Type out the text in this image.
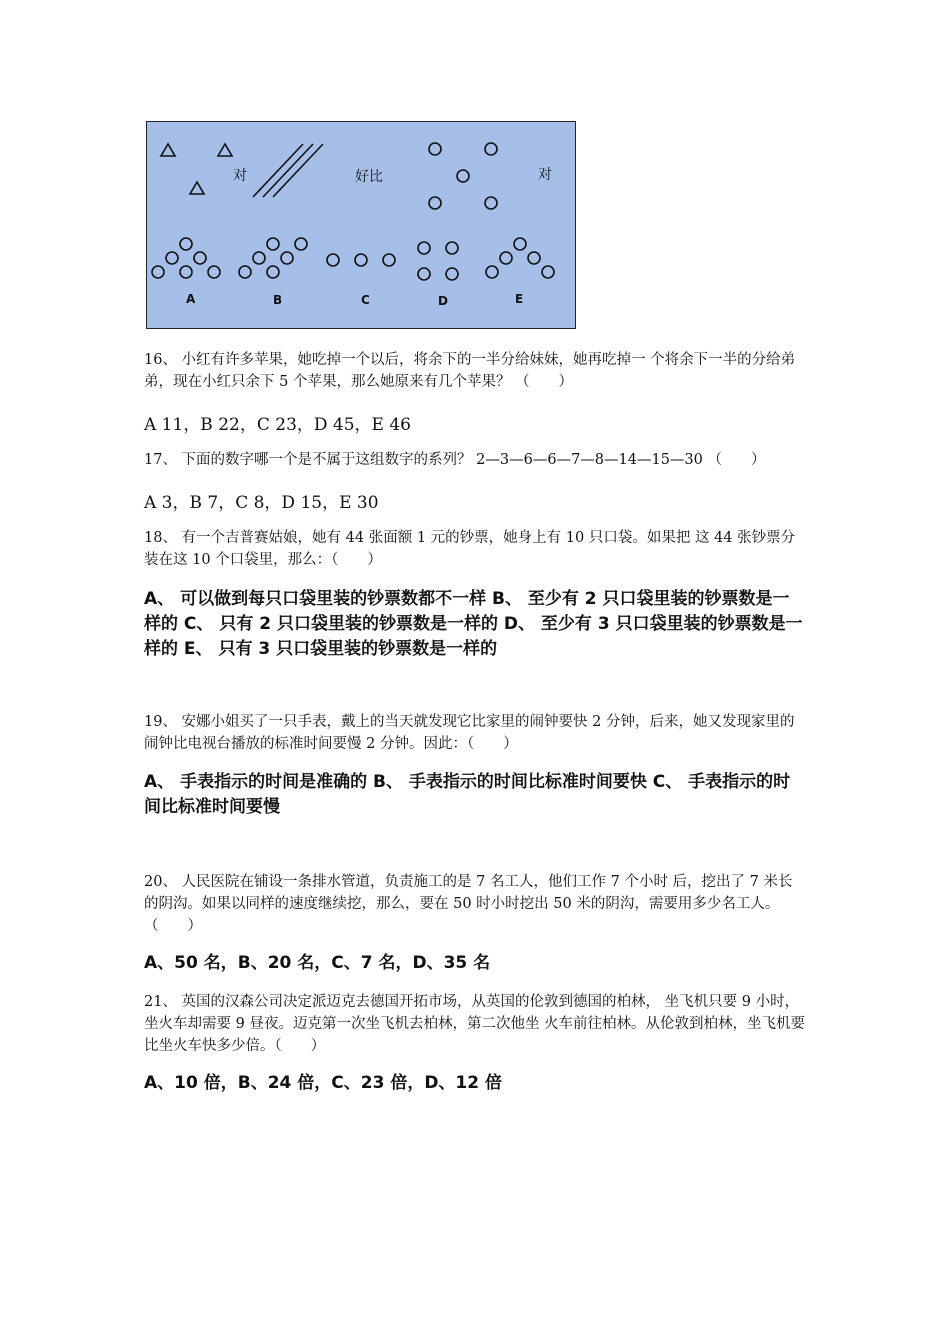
对	好比	对
A	B	C	D	E

16、 小红有许多苹果，她吃掉一个以后，将余下的一半分给妹妹，她再吃掉一 个将余下一半的分给弟弟，现在小红只余下 5 个苹果，那么她原来有几个苹果？ （　　）

A 11，B 22，C 23，D 45，E 46

17、 下面的数字哪一个是不属于这组数字的系列？ 2—3—6—6—7—8—14—15—30 （　　）

A 3，B 7，C 8，D 15，E 30

18、 有一个吉普赛姑娘，她有 44 张面额 1 元的钞票，她身上有 10 只口袋。如果把 这 44 张钞票分装在这 10 个口袋里，那么：（　　）

A、 可以做到每只口袋里装的钞票数都不一样 B、 至少有 2 只口袋里装的钞票数是一样的 C、 只有 2 只口袋里装的钞票数是一样的 D、 至少有 3 只口袋里装的钞票数是一样的 E、 只有 3 只口袋里装的钞票数是一样的

19、 安娜小姐买了一只手表，戴上的当天就发现它比家里的闹钟要快 2 分钟，后来，她又发现家里的闹钟比电视台播放的标准时间要慢 2 分钟。因此：（　　）

A、 手表指示的时间是准确的 B、 手表指示的时间比标准时间要快 C、 手表指示的时间比标准时间要慢

20、 人民医院在铺设一条排水管道，负责施工的是 7 名工人，他们工作 7 个小时 后，挖出了 7 米长的阴沟。如果以同样的速度继续挖，那么，要在 50 时小时挖出 50 米的阴沟，需要用多少名工人。（　　）

A、50 名，B、20 名，C、7 名，D、35 名

21、 英国的汉森公司决定派迈克去德国开拓市场，从英国的伦敦到德国的柏林， 坐飞机只要 9 小时，坐火车却需要 9 昼夜。迈克第一次坐飞机去柏林，第二次他坐 火车前往柏林。从伦敦到柏林，坐飞机要比坐火车快多少倍。（　　）

A、10 倍，B、24 倍，C、23 倍，D、12 倍
